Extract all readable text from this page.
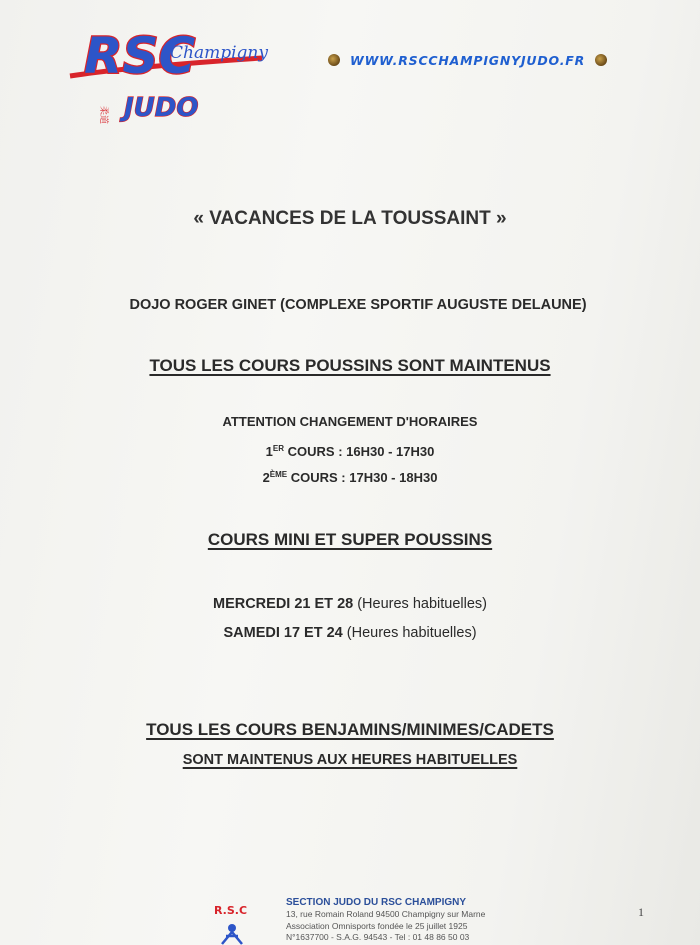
RSC
Champigny
柔道 JUDO
WWW.RSCCHAMPIGNYJUDO.FR
« VACANCES DE LA TOUSSAINT »
DOJO ROGER GINET (COMPLEXE SPORTIF AUGUSTE DELAUNE)
TOUS LES COURS POUSSINS SONT MAINTENUS
ATTENTION CHANGEMENT D'HORAIRES
1ER COURS : 16H30 - 17H30
2ÈME COURS : 17H30 - 18H30
COURS MINI ET SUPER POUSSINS
MERCREDI 21 ET 28 (Heures habituelles)
SAMEDI 17 ET 24 (Heures habituelles)
TOUS LES COURS BENJAMINS/MINIMES/CADETS
SONT MAINTENUS AUX HEURES HABITUELLES
R.S.C
SECTION JUDO DU RSC CHAMPIGNY
13, rue Romain Roland 94500 Champigny sur Marne
Association Omnisports fondée le 25 juillet 1925
N°1637700 - S.A.G. 94543 - Tel : 01 48 86 50 03
1
